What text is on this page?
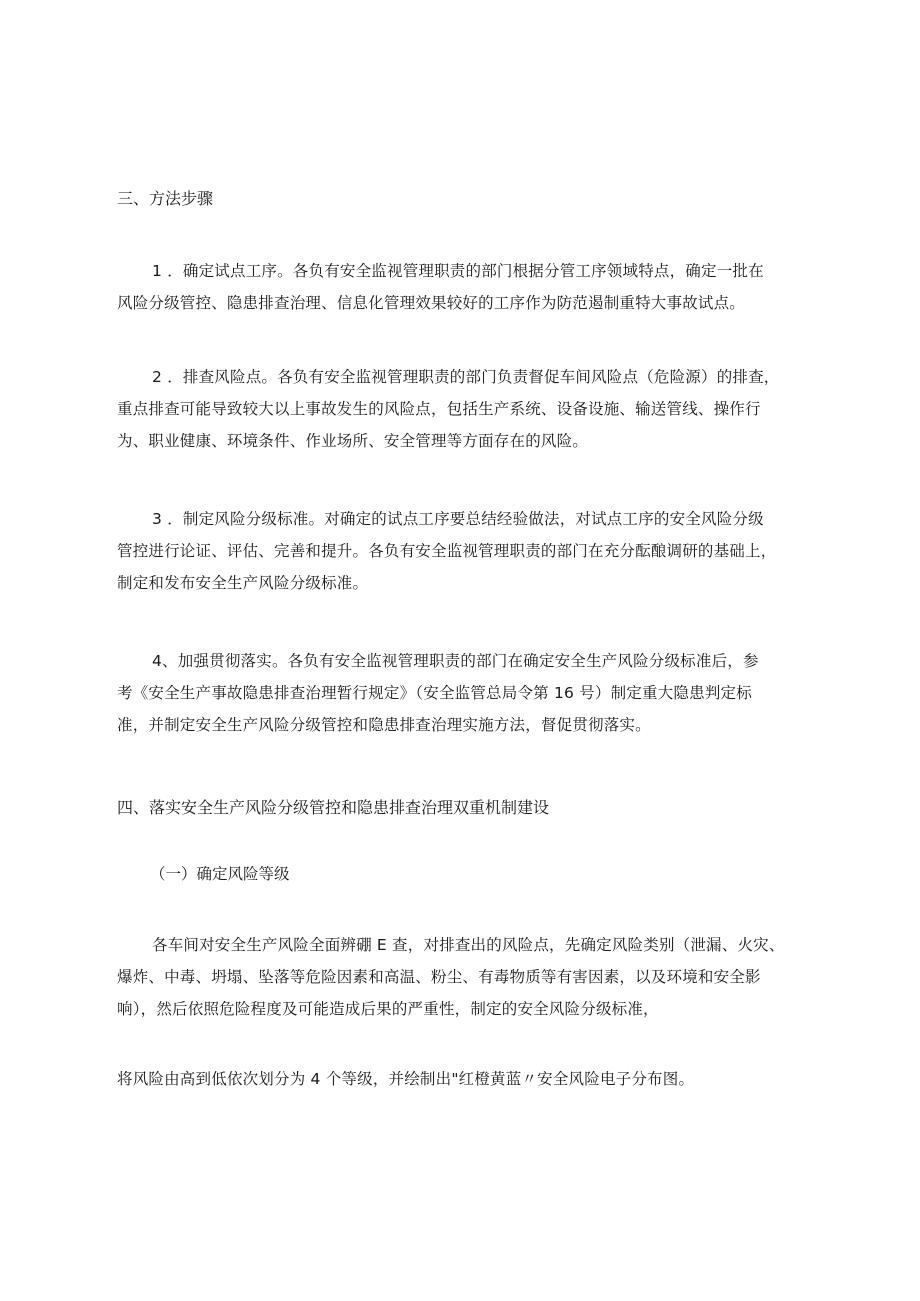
三、方法步骤
1 ．确定试点工序。各负有安全监视管理职责的部门根据分管工序领域特点，确定一批在
风险分级管控、隐患排查治理、信息化管理效果较好的工序作为防范遏制重特大事故试点。
2 ．排查风险点。各负有安全监视管理职责的部门负责督促车间风险点（危险源）的排查，
重点排查可能导致较大以上事故发生的风险点，包括生产系统、设备设施、输送管线、操作行
为、职业健康、环境条件、作业场所、安全管理等方面存在的风险。
3 ．制定风险分级标准。对确定的试点工序要总结经验做法，对试点工序的安全风险分级
管控进行论证、评估、完善和提升。各负有安全监视管理职责的部门在充分酝酿调研的基础上，
制定和发布安全生产风险分级标准。
4、加强贯彻落实。各负有安全监视管理职责的部门在确定安全生产风险分级标准后，参
考《安全生产事故隐患排查治理暂行规定》（安全监管总局令第 16 号）制定重大隐患判定标
准，并制定安全生产风险分级管控和隐患排查治理实施方法，督促贯彻落实。
四、落实安全生产风险分级管控和隐患排查治理双重机制建设
（一）确定风险等级
各车间对安全生产风险全面辨硼 E 查，对排查出的风险点，先确定风险类别（泄漏、火灾、
爆炸、中毒、坍塌、坠落等危险因素和高温、粉尘、有毒物质等有害因素，以及环境和安全影
响），然后依照危险程度及可能造成后果的严重性，制定的安全风险分级标准，
将风险由高到低依次划分为 4 个等级，并绘制出"红橙黄蓝〃安全风险电子分布图。
